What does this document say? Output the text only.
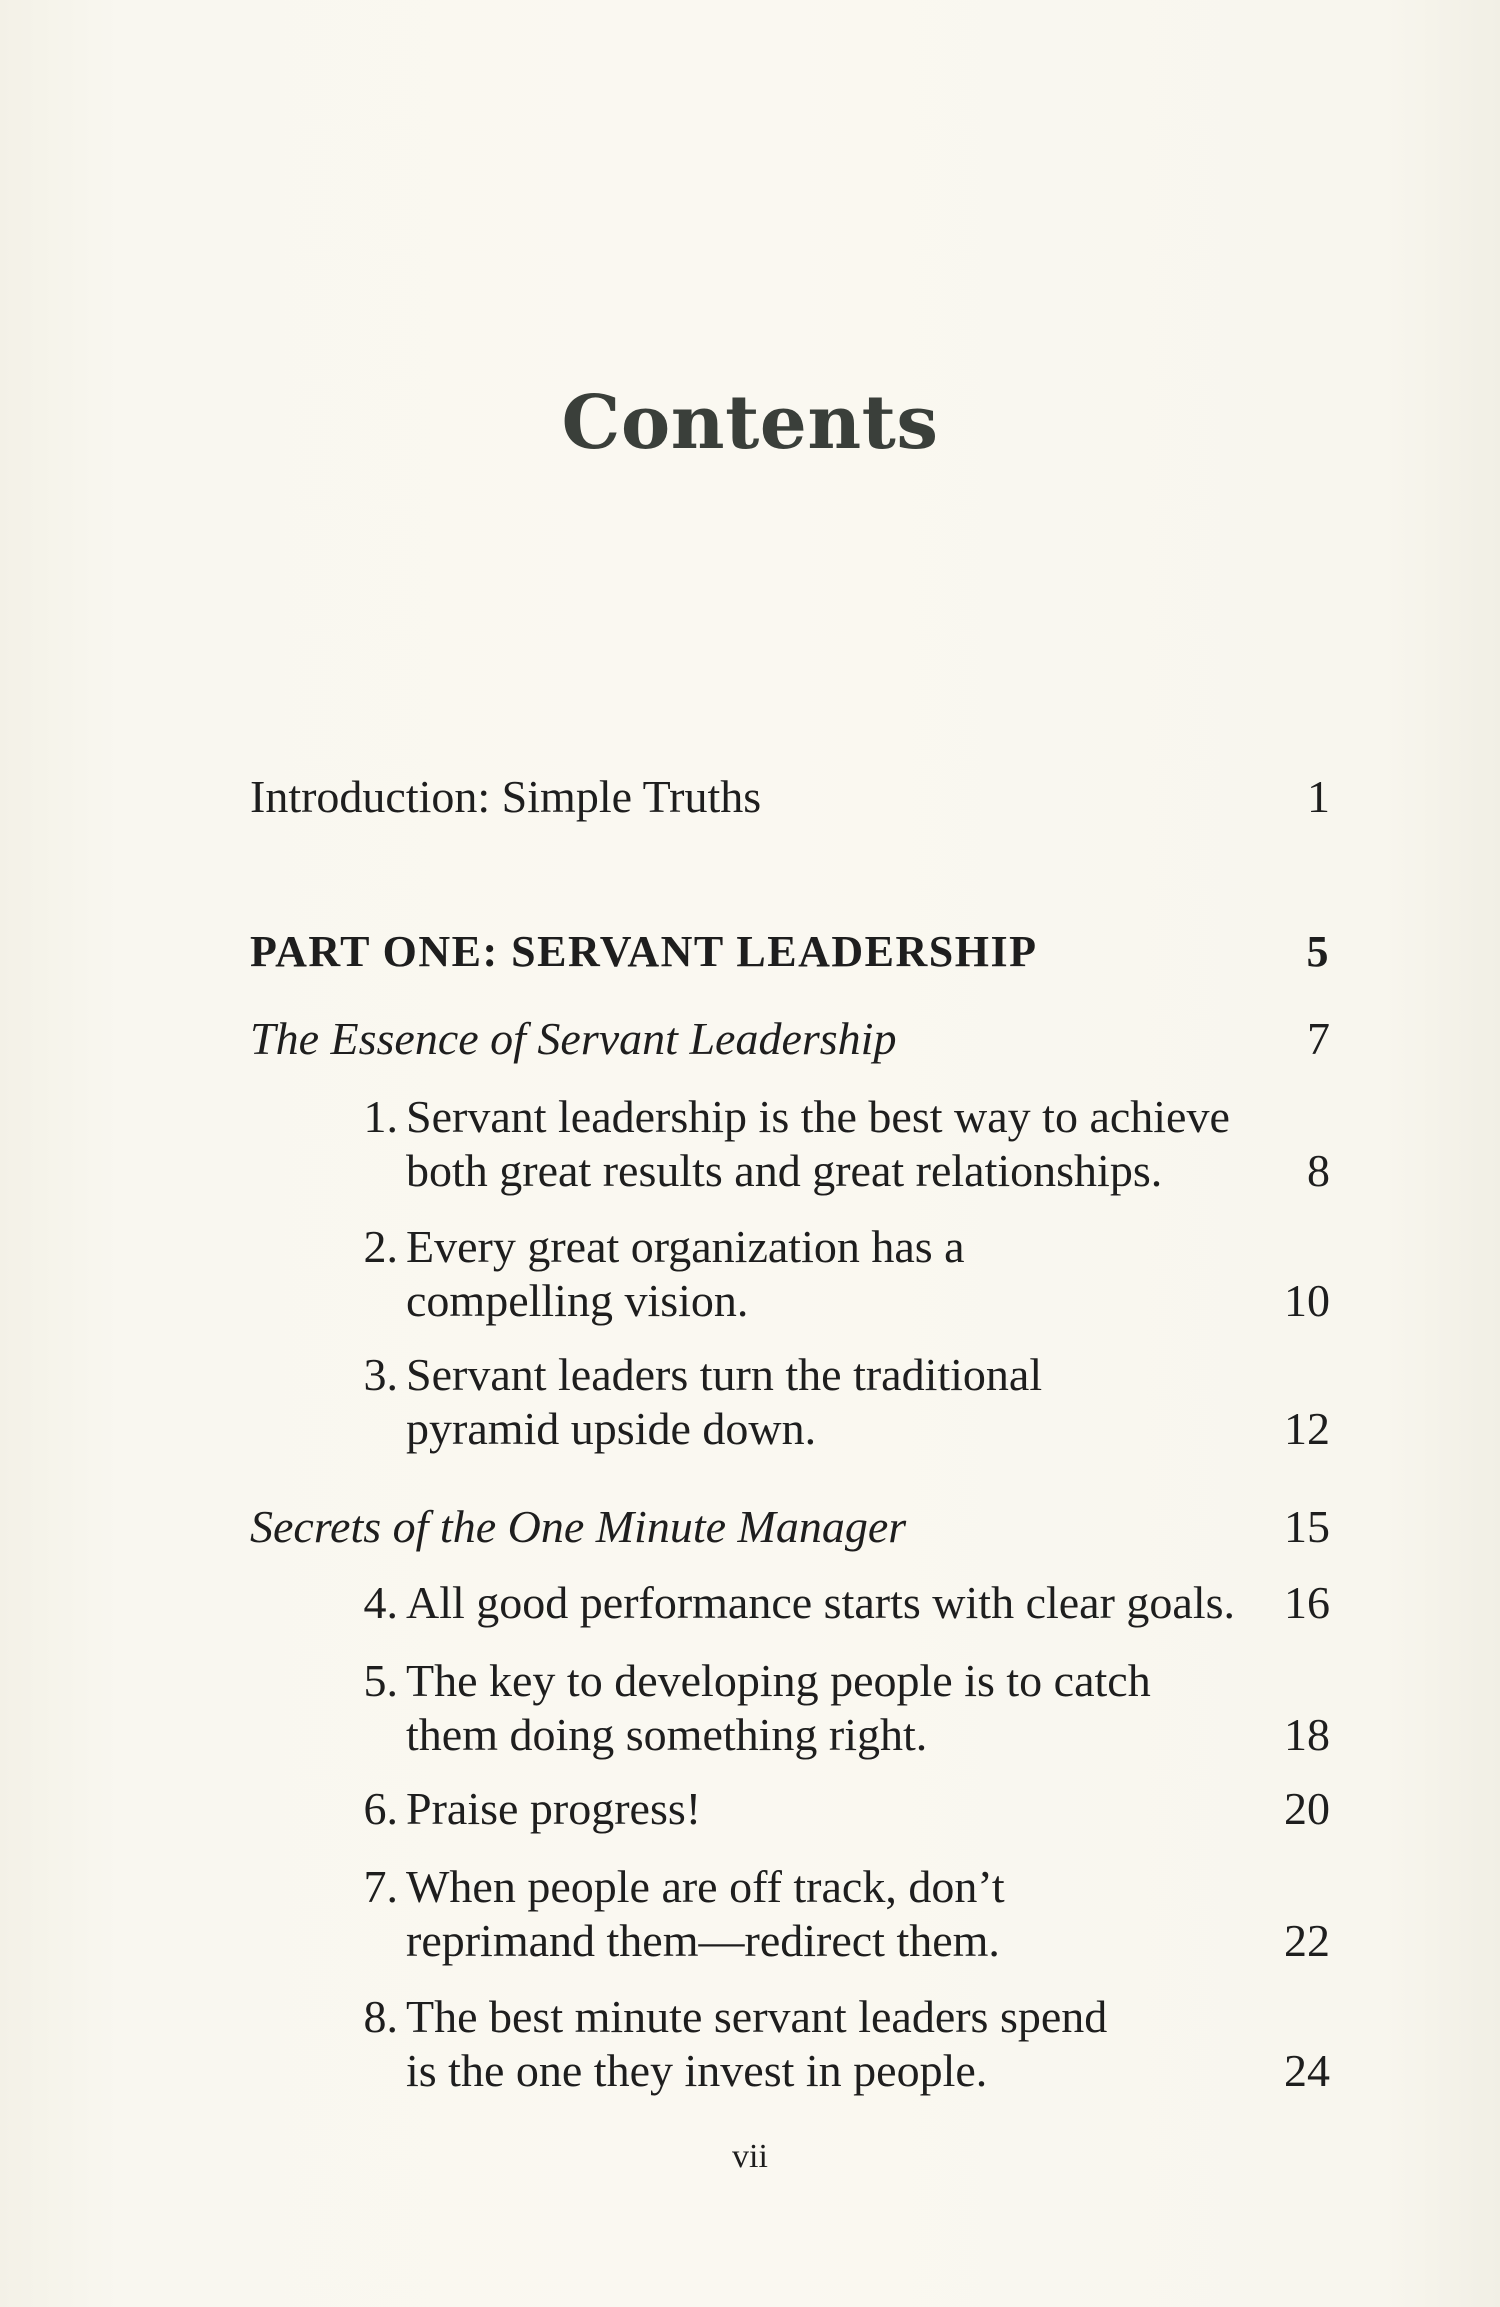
Contents
Introduction: Simple Truths	1
PART ONE: SERVANT LEADERSHIP	5
The Essence of Servant Leadership	7
1. Servant leadership is the best way to achieve
both great results and great relationships.	8
2. Every great organization has a
compelling vision.	10
3. Servant leaders turn the traditional
pyramid upside down.	12
Secrets of the One Minute Manager	15
4. All good performance starts with clear goals. 16
5. The key to developing people is to catch
them doing something right.	18
6. Praise progress!	20
7. When people are off track, don’t
reprimand them—redirect them.	22
8. The best minute servant leaders spend
is the one they invest in people.	24
vii
